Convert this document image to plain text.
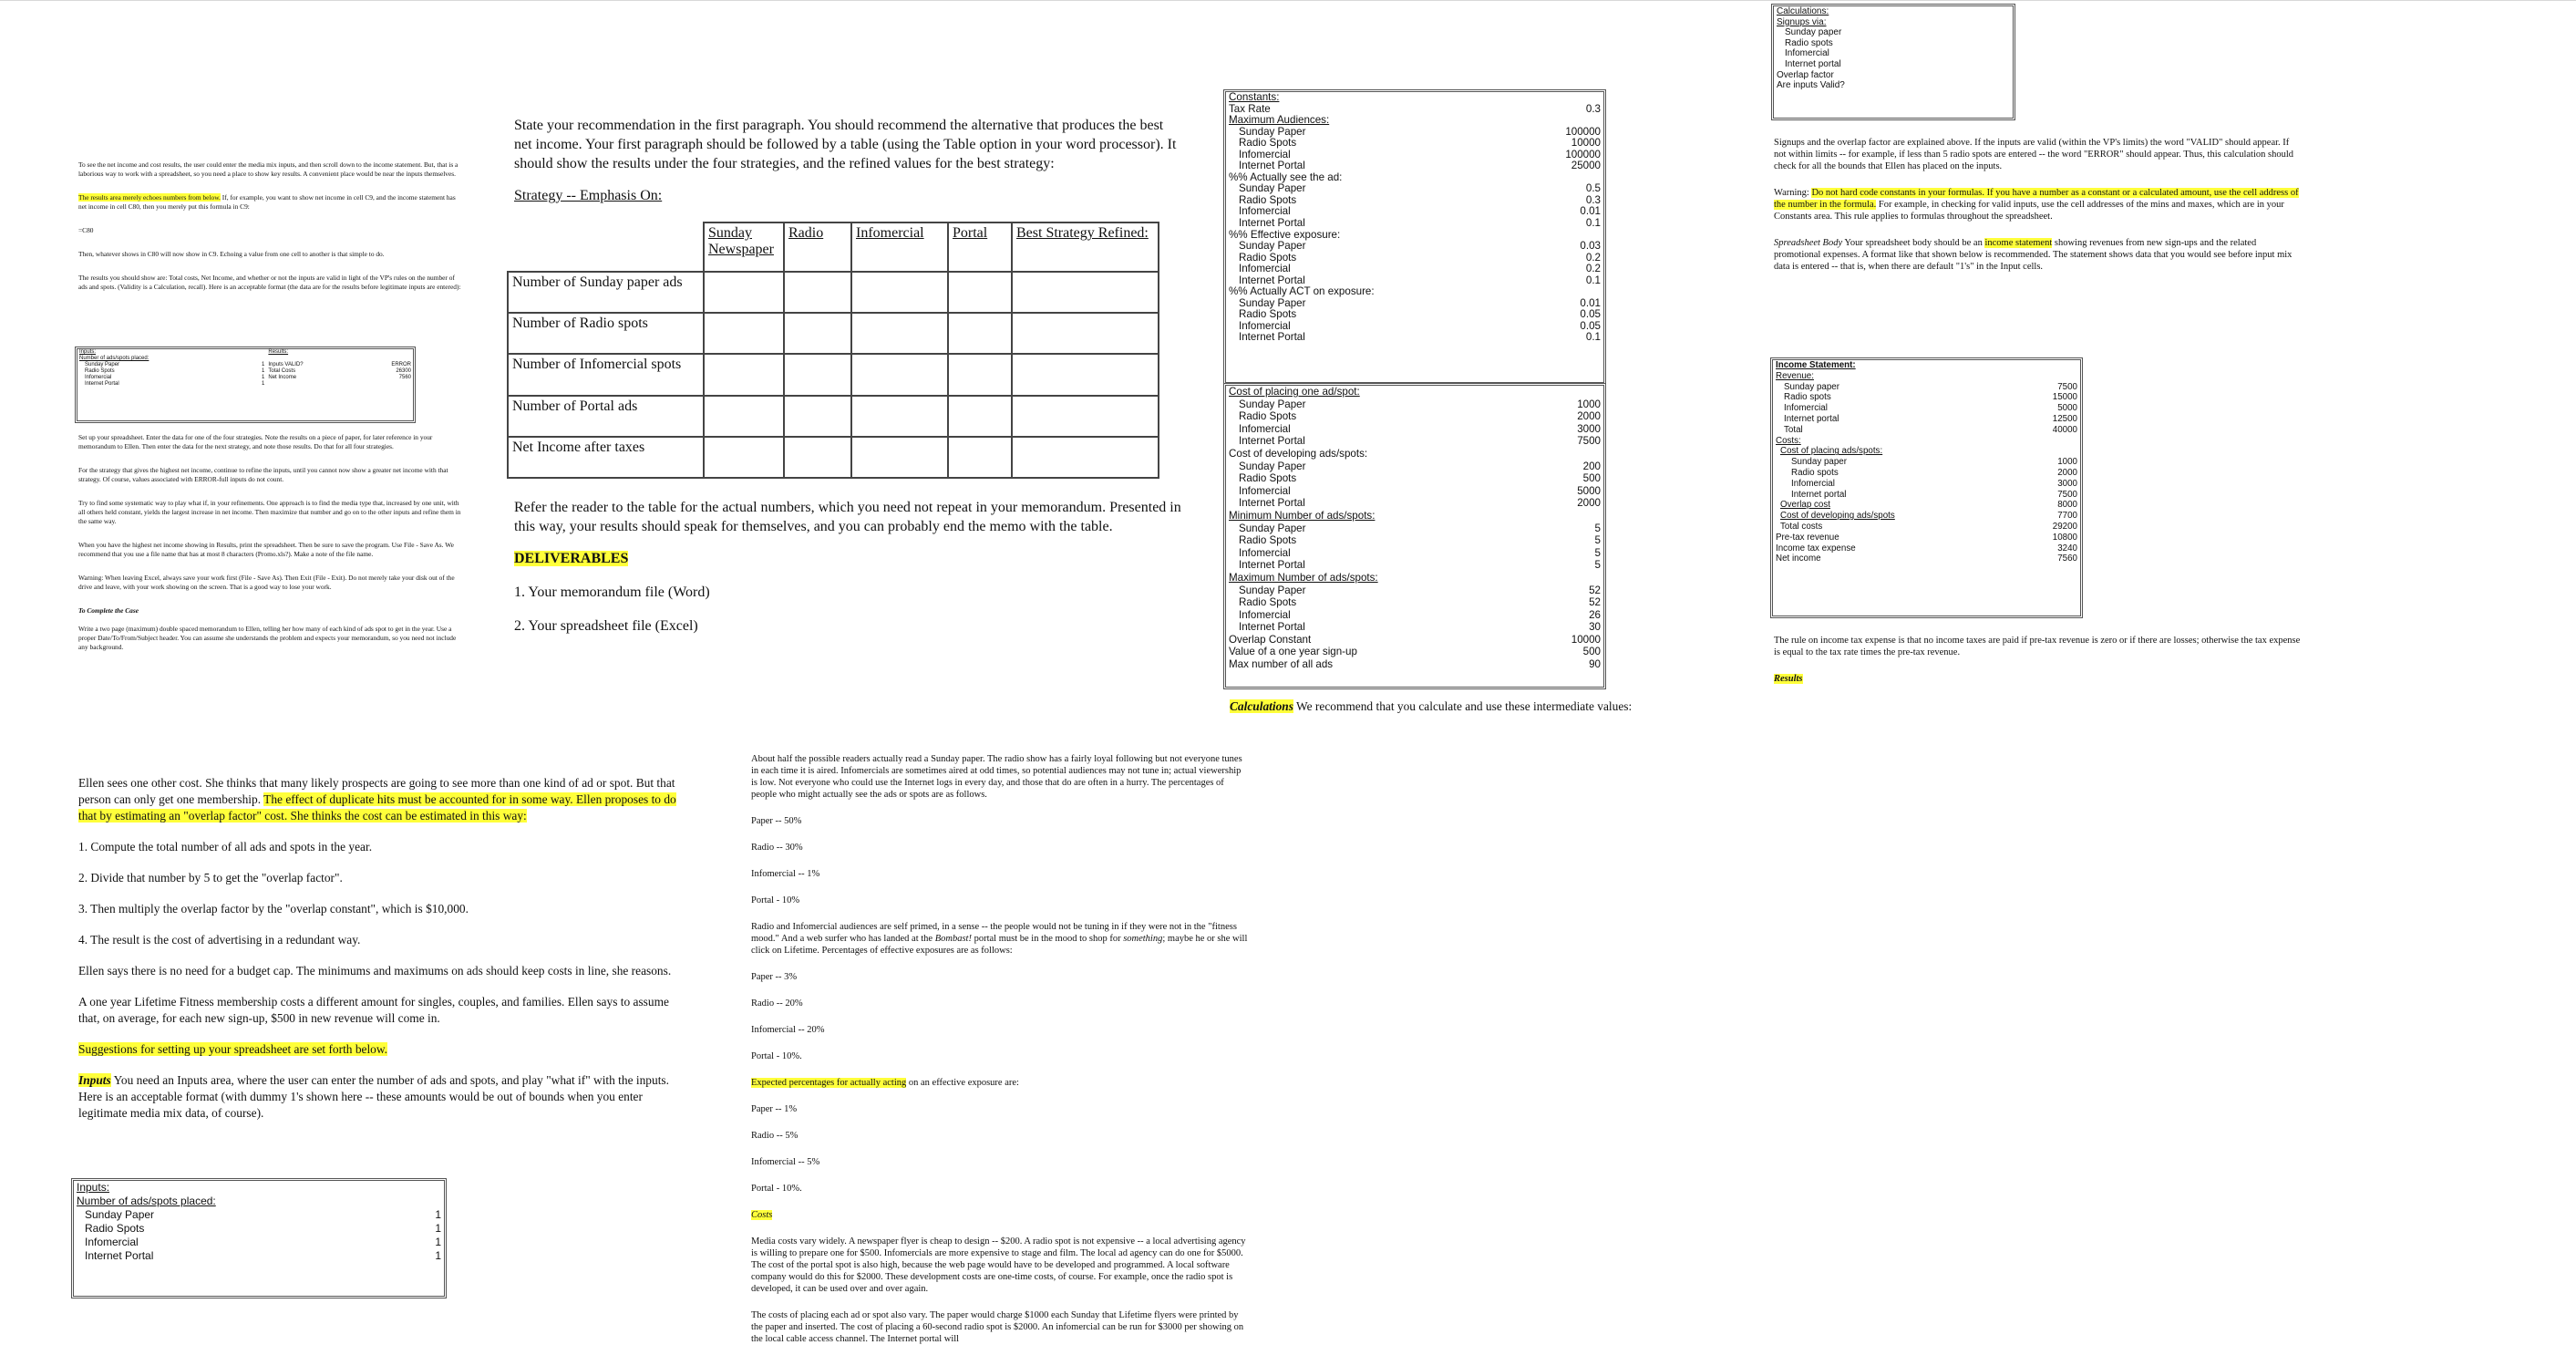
To see the net income and cost results, the user could enter the media mix inputs, and then scroll down to the income statement. But, that is a laborious way to work with a spreadsheet, so you need a place to show key results. A convenient place would be near the inputs themselves.

The results area merely echoes numbers from below. If, for example, you want to show net income in cell C9, and the income statement has net income in cell C80, then you merely put this formula in C9:

=C80

Then, whatever shows in C80 will now show in C9. Echoing a value from one cell to another is that simple to do.

The results you should show are: Total costs, Net Income, and whether or not the inputs are valid in light of the VP's rules on the number of ads and spots. (Validity is a Calculation, recall). Here is an acceptable format (the data are for the results before legitimate inputs are entered):

Inputs:		Results:	
Number of ads/spots placed:			
Sunday Paper	1	Inputs VALID?	ERROR
Radio Spots	1	Total Costs	26300
Infomercial	1	Net Income	7560
Internet Portal	1		

Set up your spreadsheet. Enter the data for one of the four strategies. Note the results on a piece of paper, for later reference in your memorandum to Ellen. Then enter the data for the next strategy, and note those results. Do that for all four strategies.

For the strategy that gives the highest net income, continue to refine the inputs, until you cannot now show a greater net income with that strategy. Of course, values associated with ERROR-full inputs do not count.

Try to find some systematic way to play what if, in your refinements. One approach is to find the media type that, increased by one unit, with all others held constant, yields the largest increase in net income. Then maximize that number and go on to the other inputs and refine them in the same way.

When you have the highest net income showing in Results, print the spreadsheet. Then be sure to save the program. Use File - Save As. We recommend that you use a file name that has at most 8 characters (Promo.xls?). Make a note of the file name.

Warning: When leaving Excel, always save your work first (File - Save As). Then Exit (File - Exit). Do not merely take your disk out of the drive and leave, with your work showing on the screen. That is a good way to lose your work.

To Complete the Case

Write a two page (maximum) double spaced memorandum to Ellen, telling her how many of each kind of ads spot to get in the year. Use a proper Date/To/From/Subject header. You can assume she understands the problem and expects your memorandum, so you need not include any background.

Ellen sees one other cost. She thinks that many likely prospects are going to see more than one kind of ad or spot. But that person can only get one membership. The effect of duplicate hits must be accounted for in some way. Ellen proposes to do that by estimating an "overlap factor" cost. She thinks the cost can be estimated in this way:

1. Compute the total number of all ads and spots in the year.

2. Divide that number by 5 to get the "overlap factor".

3. Then multiply the overlap factor by the "overlap constant", which is $10,000.

4. The result is the cost of advertising in a redundant way.

Ellen says there is no need for a budget cap. The minimums and maximums on ads should keep costs in line, she reasons.

A one year Lifetime Fitness membership costs a different amount for singles, couples, and families. Ellen says to assume that, on average, for each new sign-up, $500 in new revenue will come in.

Suggestions for setting up your spreadsheet are set forth below.

Inputs You need an Inputs area, where the user can enter the number of ads and spots, and play "what if" with the inputs. Here is an acceptable format (with dummy 1's shown here -- these amounts would be out of bounds when you enter legitimate media mix data, of course).

Inputs:	
Number of ads/spots placed:	
Sunday Paper	1
Radio Spots	1
Infomercial	1
Internet Portal	1

State your recommendation in the first paragraph. You should recommend the alternative that produces the best net income. Your first paragraph should be followed by a table (using the Table option in your word processor). It should show the results under the four strategies, and the refined values for the best strategy:

Strategy -- Emphasis On:

	Sunday Newspaper	Radio	Infomercial	Portal	Best Strategy Refined:
Number of Sunday paper ads					
Number of Radio spots					
Number of Infomercial spots					
Number of Portal ads					
Net Income after taxes					

Refer the reader to the table for the actual numbers, which you need not repeat in your memorandum. Presented in this way, your results should speak for themselves, and you can probably end the memo with the table.

DELIVERABLES

1. Your memorandum file (Word)

2. Your spreadsheet file (Excel)

About half the possible readers actually read a Sunday paper. The radio show has a fairly loyal following but not everyone tunes in each time it is aired. Infomercials are sometimes aired at odd times, so potential audiences may not tune in; actual viewership is low. Not everyone who could use the Internet logs in every day, and those that do are often in a hurry. The percentages of people who might actually see the ads or spots are as follows.

Paper -- 50%

Radio -- 30%

Infomercial -- 1%

Portal - 10%

Radio and Infomercial audiences are self primed, in a sense -- the people would not be tuning in if they were not in the "fitness mood." And a web surfer who has landed at the Bombast! portal must be in the mood to shop for something; maybe he or she will click on Lifetime. Percentages of effective exposures are as follows:

Paper -- 3%

Radio -- 20%

Infomercial -- 20%

Portal - 10%.

Expected percentages for actually acting on an effective exposure are:

Paper -- 1%

Radio -- 5%

Infomercial -- 5%

Portal - 10%.

Costs

Media costs vary widely. A newspaper flyer is cheap to design -- $200. A radio spot is not expensive -- a local advertising agency is willing to prepare one for $500. Infomercials are more expensive to stage and film. The local ad agency can do one for $5000. The cost of the portal spot is also high, because the web page would have to be developed and programmed. A local software company would do this for $2000. These development costs are one-time costs, of course. For example, once the radio spot is developed, it can be used over and over again.

The costs of placing each ad or spot also vary. The paper would charge $1000 each Sunday that Lifetime flyers were printed by the paper and inserted. The cost of placing a 60-second radio spot is $2000. An infomercial can be run for $3000 per showing on the local cable access channel. The Internet portal will

Constants:	
Tax Rate	0.3
Maximum Audiences:	
Sunday Paper	100000
Radio Spots	10000
Infomercial	100000
Internet Portal	25000
%% Actually see the ad:	
Sunday Paper	0.5
Radio Spots	0.3
Infomercial	0.01
Internet Portal	0.1
%% Effective exposure:	
Sunday Paper	0.03
Radio Spots	0.2
Infomercial	0.2
Internet Portal	0.1
%% Actually ACT on exposure:	
Sunday Paper	0.01
Radio Spots	0.05
Infomercial	0.05
Internet Portal	0.1
Cost of placing one ad/spot:	
Sunday Paper	1000
Radio Spots	2000
Infomercial	3000
Internet Portal	7500
Cost of developing ads/spots:	
Sunday Paper	200
Radio Spots	500
Infomercial	5000
Internet Portal	2000
Minimum Number of ads/spots:	
Sunday Paper	5
Radio Spots	5
Infomercial	5
Internet Portal	5
Maximum Number of ads/spots:	
Sunday Paper	52
Radio Spots	52
Infomercial	26
Internet Portal	30
Overlap Constant	10000
Value of a one year sign-up	500
Max number of all ads	90

Calculations We recommend that you calculate and use these intermediate values:

Calculations:
Signups via:
Sunday paper
Radio spots
Infomercial
Internet portal
Overlap factor
Are inputs Valid?

Signups and the overlap factor are explained above. If the inputs are valid (within the VP's limits) the word "VALID" should appear. If not within limits -- for example, if less than 5 radio spots are entered -- the word "ERROR" should appear. Thus, this calculation should check for all the bounds that Ellen has placed on the inputs.

Warning: Do not hard code constants in your formulas. If you have a number as a constant or a calculated amount, use the cell address of the number in the formula. For example, in checking for valid inputs, use the cell addresses of the mins and maxes, which are in your Constants area. This rule applies to formulas throughout the spreadsheet.

Spreadsheet Body Your spreadsheet body should be an income statement showing revenues from new sign-ups and the related promotional expenses. A format like that shown below is recommended. The statement shows data that you would see before input mix data is entered -- that is, when there are default "1's" in the Input cells.

Income Statement:	
Revenue:	
Sunday paper	7500
Radio spots	15000
Infomercial	5000
Internet portal	12500
Total	40000
Costs:	
Cost of placing ads/spots:	
Sunday paper	1000
Radio spots	2000
Infomercial	3000
Internet portal	7500
Overlap cost	8000
Cost of developing ads/spots	7700
Total costs	29200
Pre-tax revenue	10800
Income tax expense	3240
Net income	7560

The rule on income tax expense is that no income taxes are paid if pre-tax revenue is zero or if there are losses; otherwise the tax expense is equal to the tax rate times the pre-tax revenue.

Results
